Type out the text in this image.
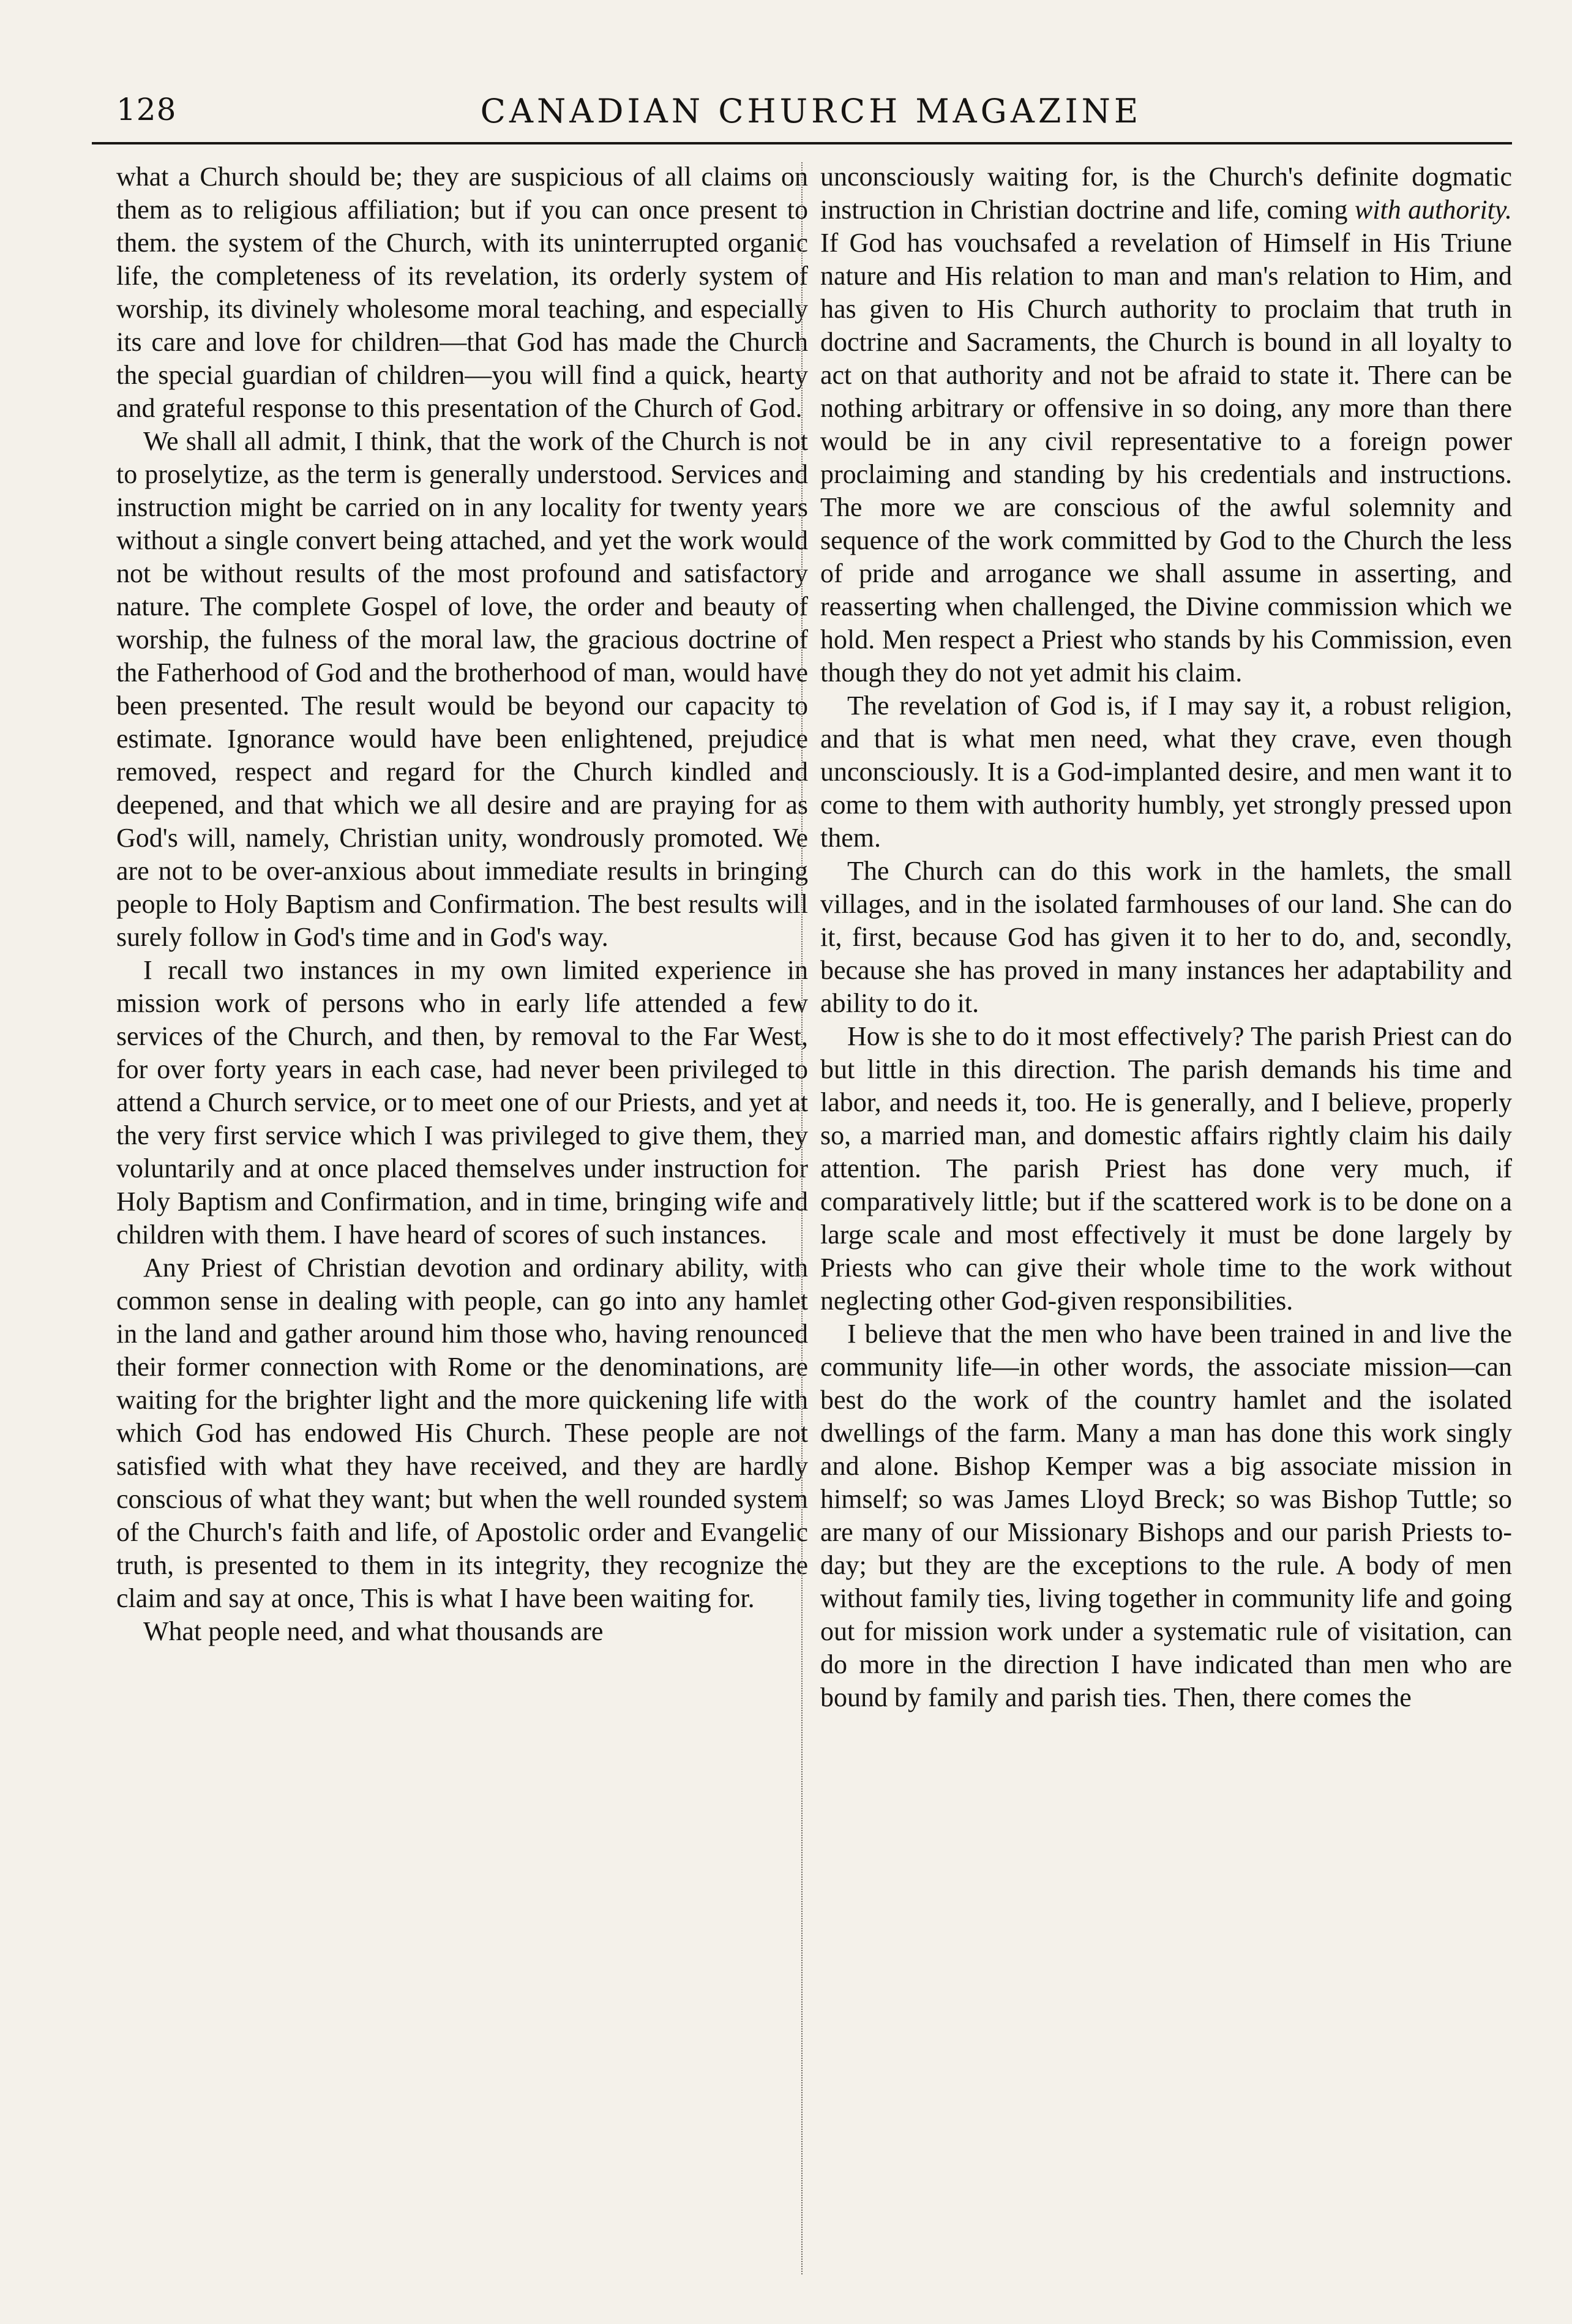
128	CANADIAN CHURCH MAGAZINE

what a Church should be; they are suspicious of all claims on them as to religious affiliation; but if you can once present to them. the system of the Church, with its uninterrupted organic life, the completeness of its revelation, its orderly system of worship, its divinely wholesome moral teaching, and especially its care and love for children—that God has made the Church the special guardian of children—you will find a quick, hearty and grateful response to this presentation of the Church of God.

We shall all admit, I think, that the work of the Church is not to proselytize, as the term is generally understood. Services and instruction might be carried on in any locality for twenty years without a single convert being attached, and yet the work would not be without results of the most profound and satisfactory nature. The complete Gospel of love, the order and beauty of worship, the fulness of the moral law, the gracious doctrine of the Fatherhood of God and the brotherhood of man, would have been presented. The result would be beyond our capacity to estimate. Ignorance would have been enlightened, prejudice removed, respect and regard for the Church kindled and deepened, and that which we all desire and are praying for as God's will, namely, Christian unity, wondrously promoted. We are not to be over-anxious about immediate results in bringing people to Holy Baptism and Confirmation. The best results will surely follow in God's time and in God's way.

I recall two instances in my own limited experience in mission work of persons who in early life attended a few services of the Church, and then, by removal to the Far West, for over forty years in each case, had never been privileged to attend a Church service, or to meet one of our Priests, and yet at the very first service which I was privileged to give them, they voluntarily and at once placed themselves under instruction for Holy Baptism and Confirmation, and in time, bringing wife and children with them. I have heard of scores of such instances.

Any Priest of Christian devotion and ordinary ability, with common sense in dealing with people, can go into any hamlet in the land and gather around him those who, having renounced their former connection with Rome or the denominations, are waiting for the brighter light and the more quickening life with which God has endowed His Church. These people are not satisfied with what they have received, and they are hardly conscious of what they want; but when the well rounded system of the Church's faith and life, of Apostolic order and Evangelic truth, is presented to them in its integrity, they recognize the claim and say at once, This is what I have been waiting for.

What people need, and what thousands are

unconsciously waiting for, is the Church's definite dogmatic instruction in Christian doctrine and life, coming with authority. If God has vouchsafed a revelation of Himself in His Triune nature and His relation to man and man's relation to Him, and has given to His Church authority to proclaim that truth in doctrine and Sacraments, the Church is bound in all loyalty to act on that authority and not be afraid to state it. There can be nothing arbitrary or offensive in so doing, any more than there would be in any civil representative to a foreign power proclaiming and standing by his credentials and instructions. The more we are conscious of the awful solemnity and sequence of the work committed by God to the Church the less of pride and arrogance we shall assume in asserting, and reasserting when challenged, the Divine commission which we hold. Men respect a Priest who stands by his Commission, even though they do not yet admit his claim.

The revelation of God is, if I may say it, a robust religion, and that is what men need, what they crave, even though unconsciously. It is a God-implanted desire, and men want it to come to them with authority humbly, yet strongly pressed upon them.

The Church can do this work in the hamlets, the small villages, and in the isolated farmhouses of our land. She can do it, first, because God has given it to her to do, and, secondly, because she has proved in many instances her adaptability and ability to do it.

How is she to do it most effectively? The parish Priest can do but little in this direction. The parish demands his time and labor, and needs it, too. He is generally, and I believe, properly so, a married man, and domestic affairs rightly claim his daily attention. The parish Priest has done very much, if comparatively little; but if the scattered work is to be done on a large scale and most effectively it must be done largely by Priests who can give their whole time to the work without neglecting other God-given responsibilities.

I believe that the men who have been trained in and live the community life—in other words, the associate mission—can best do the work of the country hamlet and the isolated dwellings of the farm. Many a man has done this work singly and alone. Bishop Kemper was a big associate mission in himself; so was James Lloyd Breck; so was Bishop Tuttle; so are many of our Missionary Bishops and our parish Priests to-day; but they are the exceptions to the rule. A body of men without family ties, living together in community life and going out for mission work under a systematic rule of visitation, can do more in the direction I have indicated than men who are bound by family and parish ties. Then, there comes the
